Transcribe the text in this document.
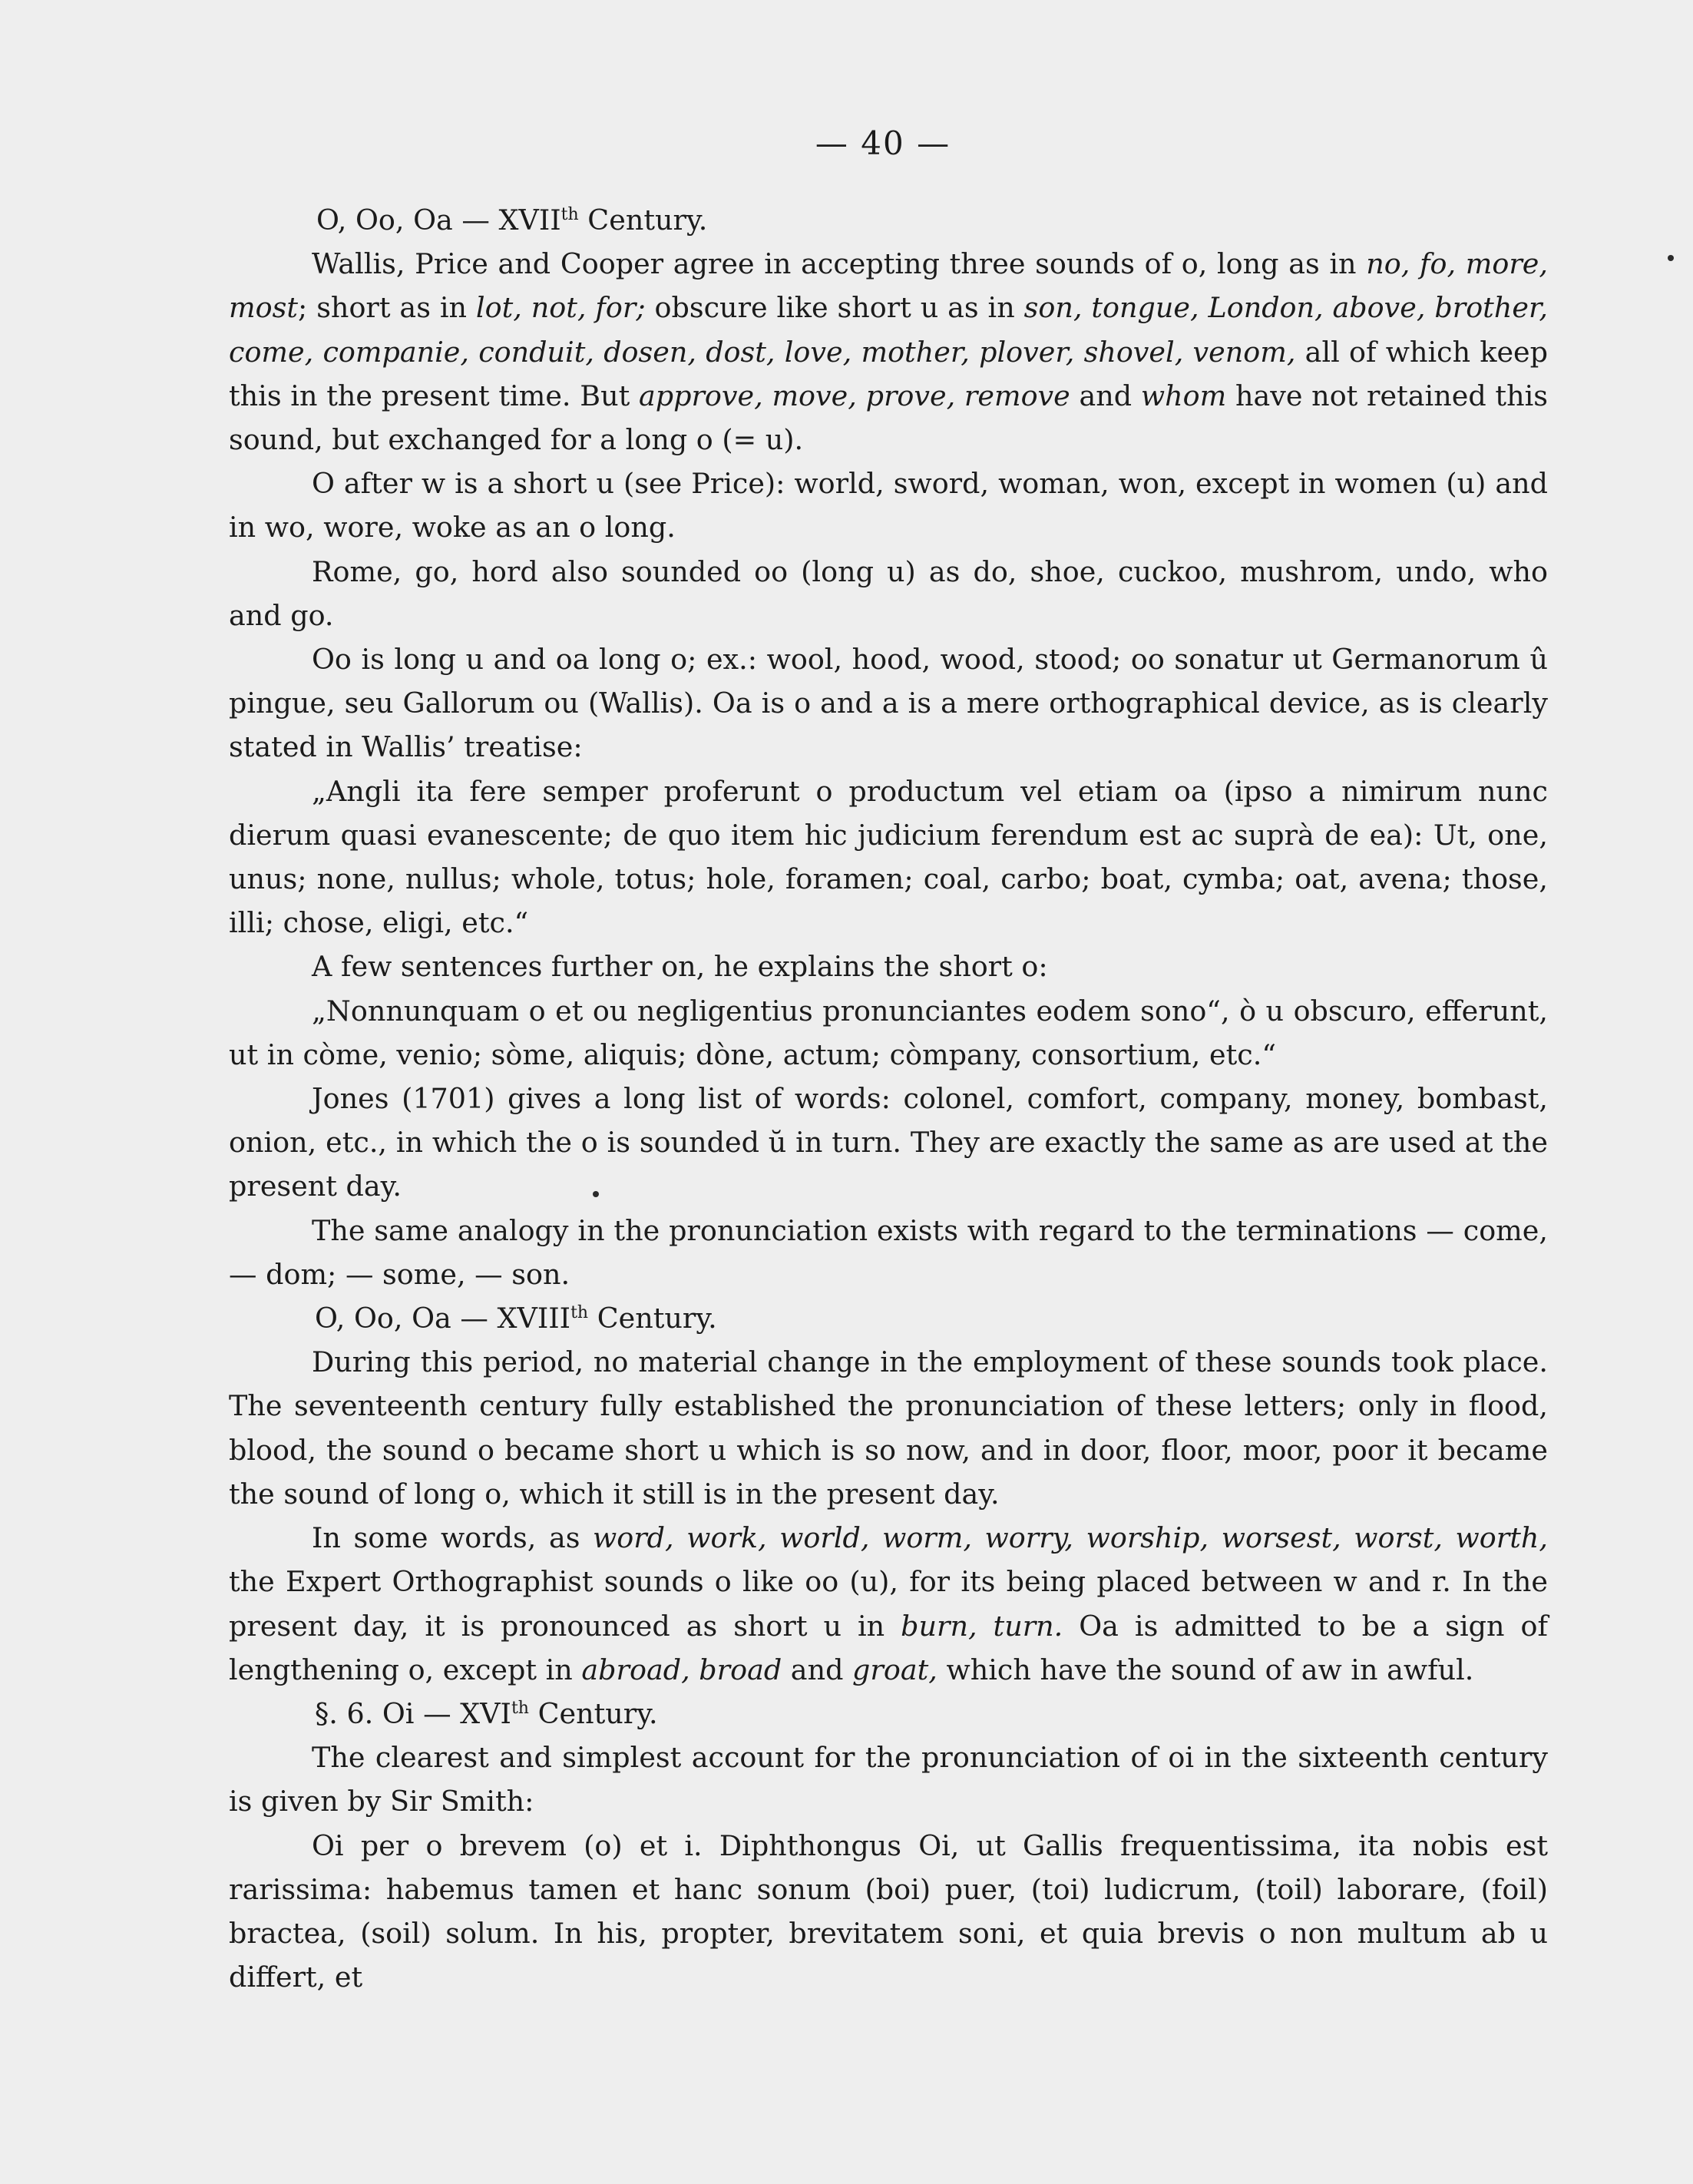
— 40 —

O, Oo, Oa — XVIIth Century.

Wallis, Price and Cooper agree in accepting three sounds of o, long as in no, fo, more, most; short as in lot, not, for; obscure like short u as in son, tongue, London, above, brother, come, companie, conduit, dosen, dost, love, mother, plover, shovel, venom, all of which keep this in the present time. But approve, move, prove, remove and whom have not retained this sound, but exchanged for a long o (= u).

O after w is a short u (see Price): world, sword, woman, won, except in women (u) and in wo, wore, woke as an o long.

Rome, go, hord also sounded oo (long u) as do, shoe, cuckoo, mushrom, undo, who and go.

Oo is long u and oa long o; ex.: wool, hood, wood, stood; oo sonatur ut Germanorum û pingue, seu Gallorum ou (Wallis). Oa is o and a is a mere orthographical device, as is clearly stated in Wallis’ treatise:

„Angli ita fere semper proferunt o productum vel etiam oa (ipso a nimirum nunc dierum quasi evanescente; de quo item hic judicium ferendum est ac suprà de ea): Ut, one, unus; none, nullus; whole, totus; hole, foramen; coal, carbo; boat, cymba; oat, avena; those, illi; chose, eligi, etc.“

A few sentences further on, he explains the short o:

„Nonnunquam o et ou negligentius pronunciantes eodem sono“, ò u obscuro, efferunt, ut in còme, venio; sòme, aliquis; dòne, actum; còmpany, consortium, etc.“

Jones (1701) gives a long list of words: colonel, comfort, company, money, bombast, onion, etc., in which the o is sounded ŭ in turn. They are exactly the same as are used at the present day.

The same analogy in the pronunciation exists with regard to the terminations — come, — dom; — some, — son.

O, Oo, Oa — XVIIIth Century.

During this period, no material change in the employment of these sounds took place. The seventeenth century fully established the pronunciation of these letters; only in flood, blood, the sound o became short u which is so now, and in door, floor, moor, poor it became the sound of long o, which it still is in the present day.

In some words, as word, work, world, worm, worry, worship, worsest, worst, worth, the Expert Orthographist sounds o like oo (u), for its being placed between w and r. In the present day, it is pronounced as short u in burn, turn. Oa is admitted to be a sign of lengthening o, except in abroad, broad and groat, which have the sound of aw in awful.

§. 6. Oi — XVIth Century.

The clearest and simplest account for the pronunciation of oi in the sixteenth century is given by Sir Smith:

Oi per o brevem (o) et i. Diphthongus Oi, ut Gallis frequentissima, ita nobis est rarissima: habemus tamen et hanc sonum (boi) puer, (toi) ludicrum, (toil) laborare, (foil) bractea, (soil) solum. In his, propter, brevitatem soni, et quia brevis o non multum ab u differt, et
